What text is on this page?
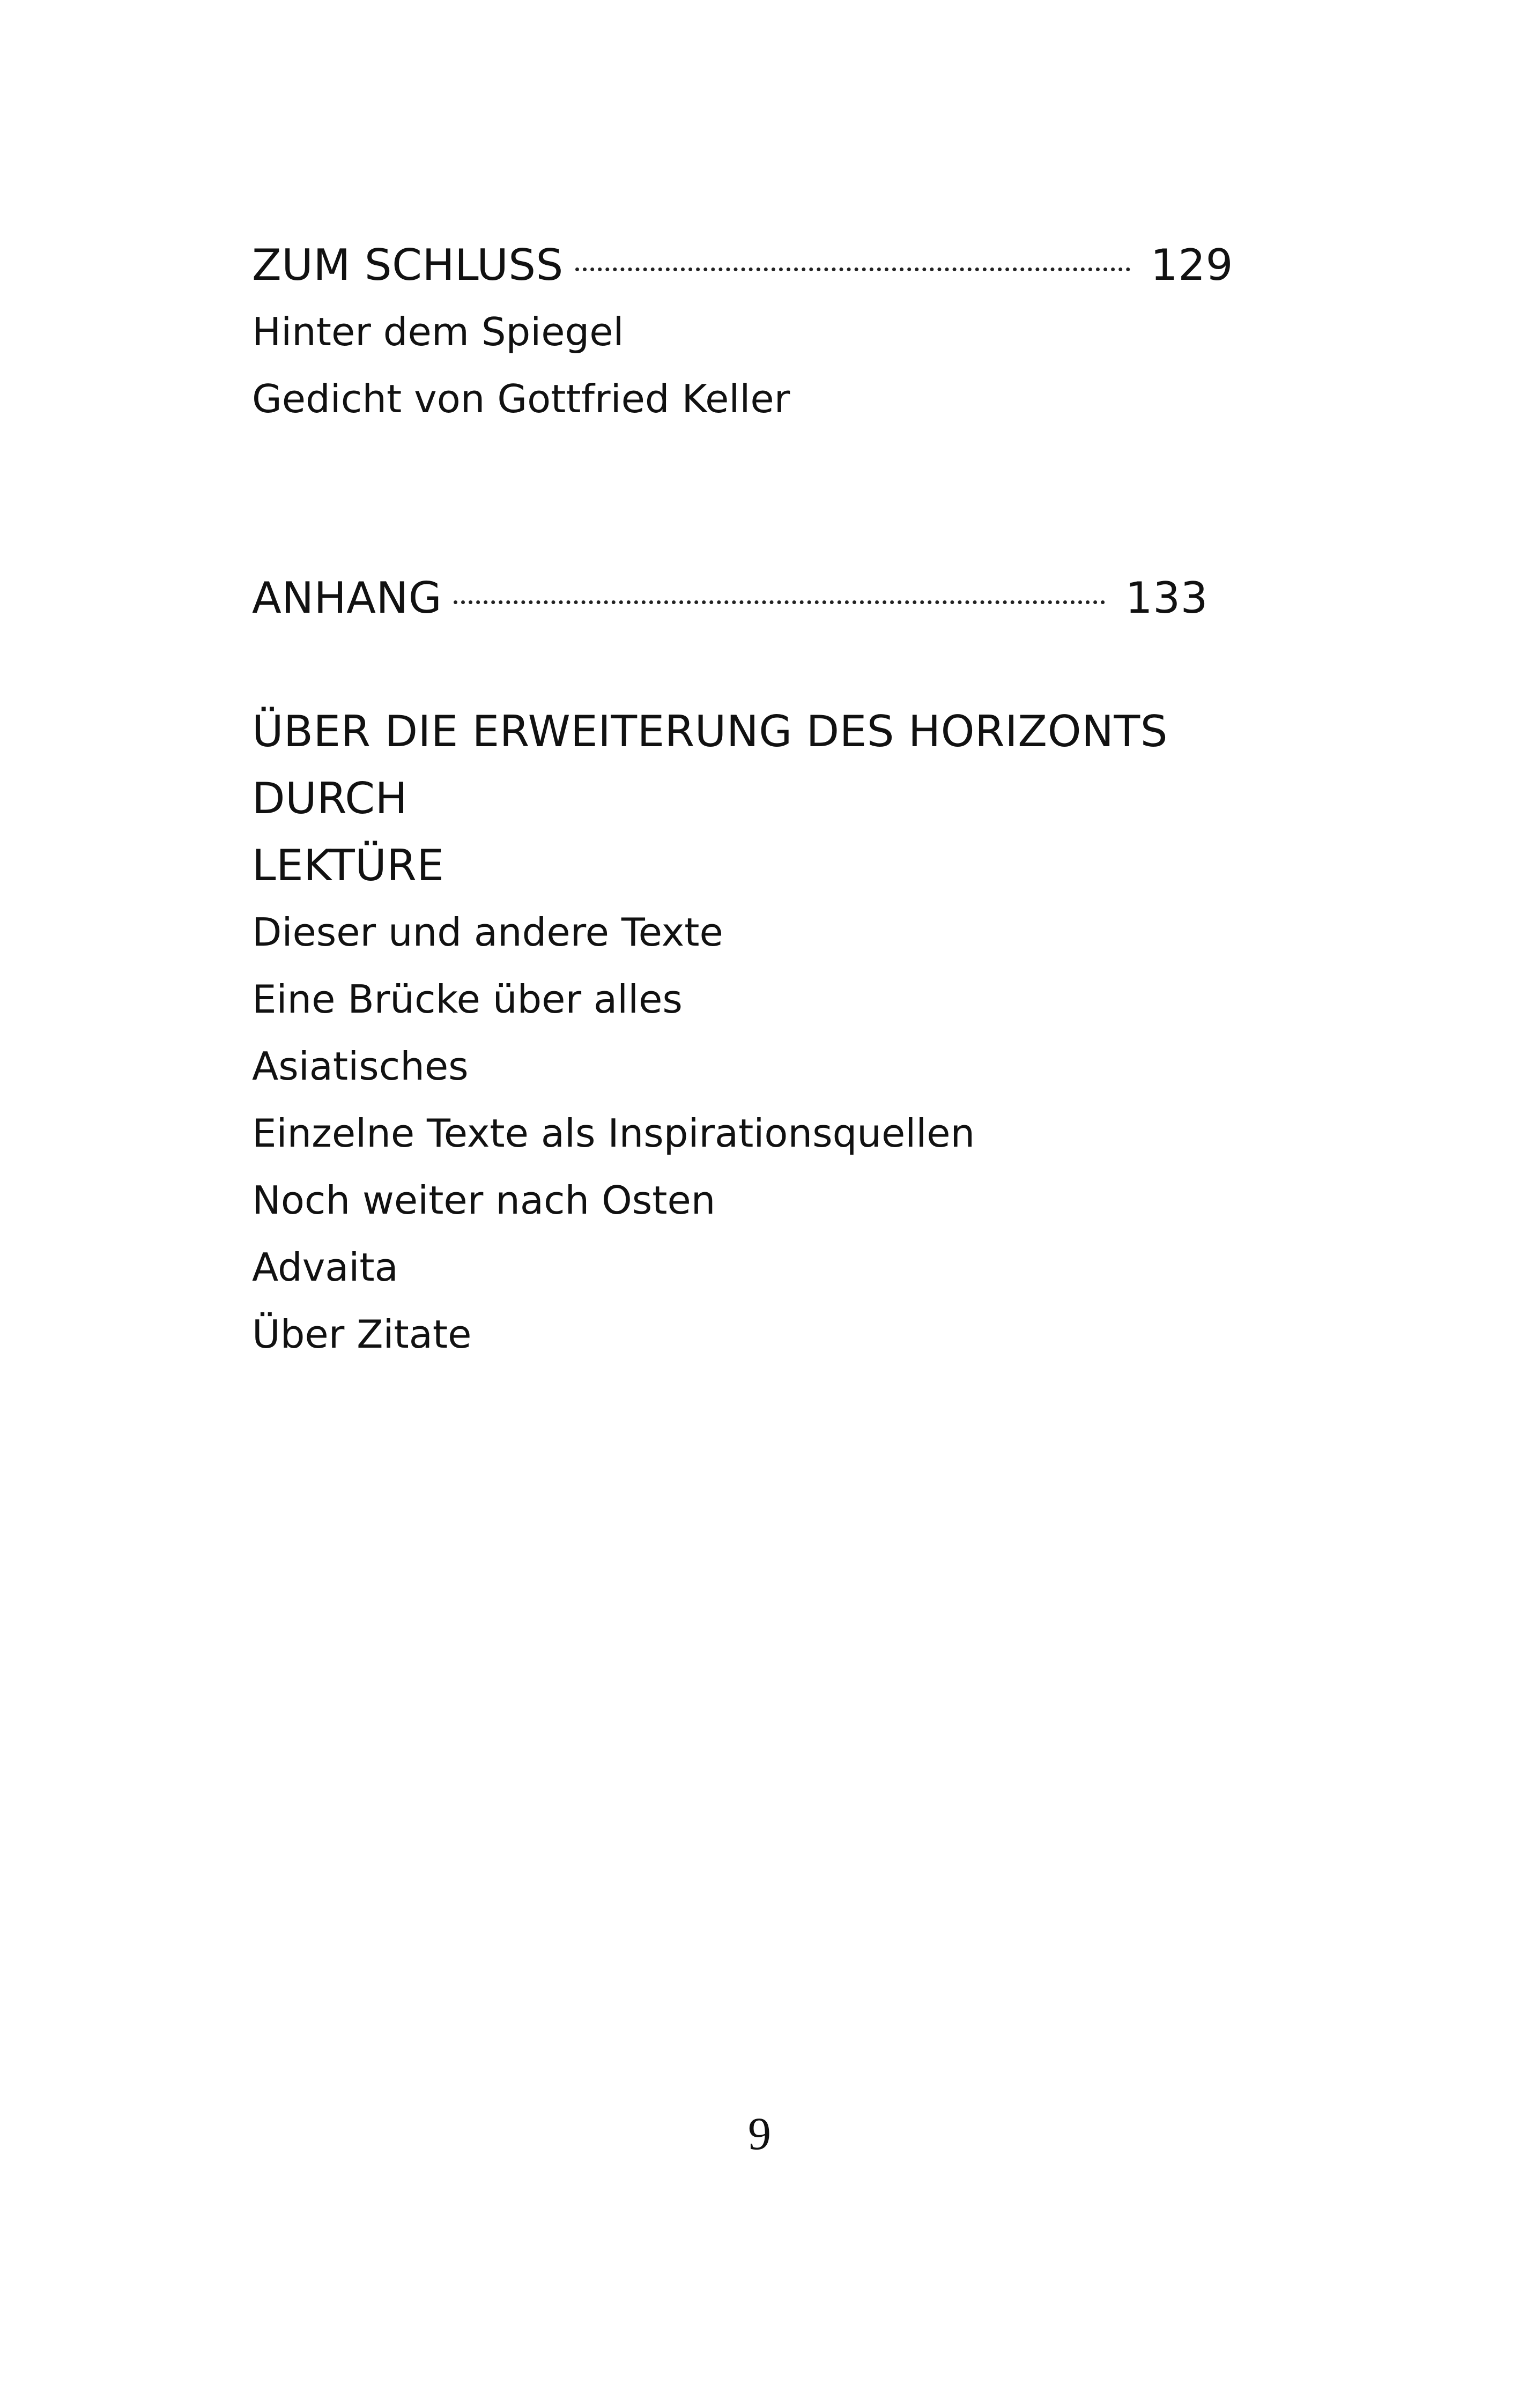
ZUM SCHLUSS	129
Hinter dem Spiegel
Gedicht von Gottfried Keller
ANHANG	133
ÜBER DIE ERWEITERUNG DES HORIZONTS DURCH
LEKTÜRE
Dieser und andere Texte
Eine Brücke über alles
Asiatisches
Einzelne Texte als Inspirationsquellen
Noch weiter nach Osten
Advaita
Über Zitate
9
